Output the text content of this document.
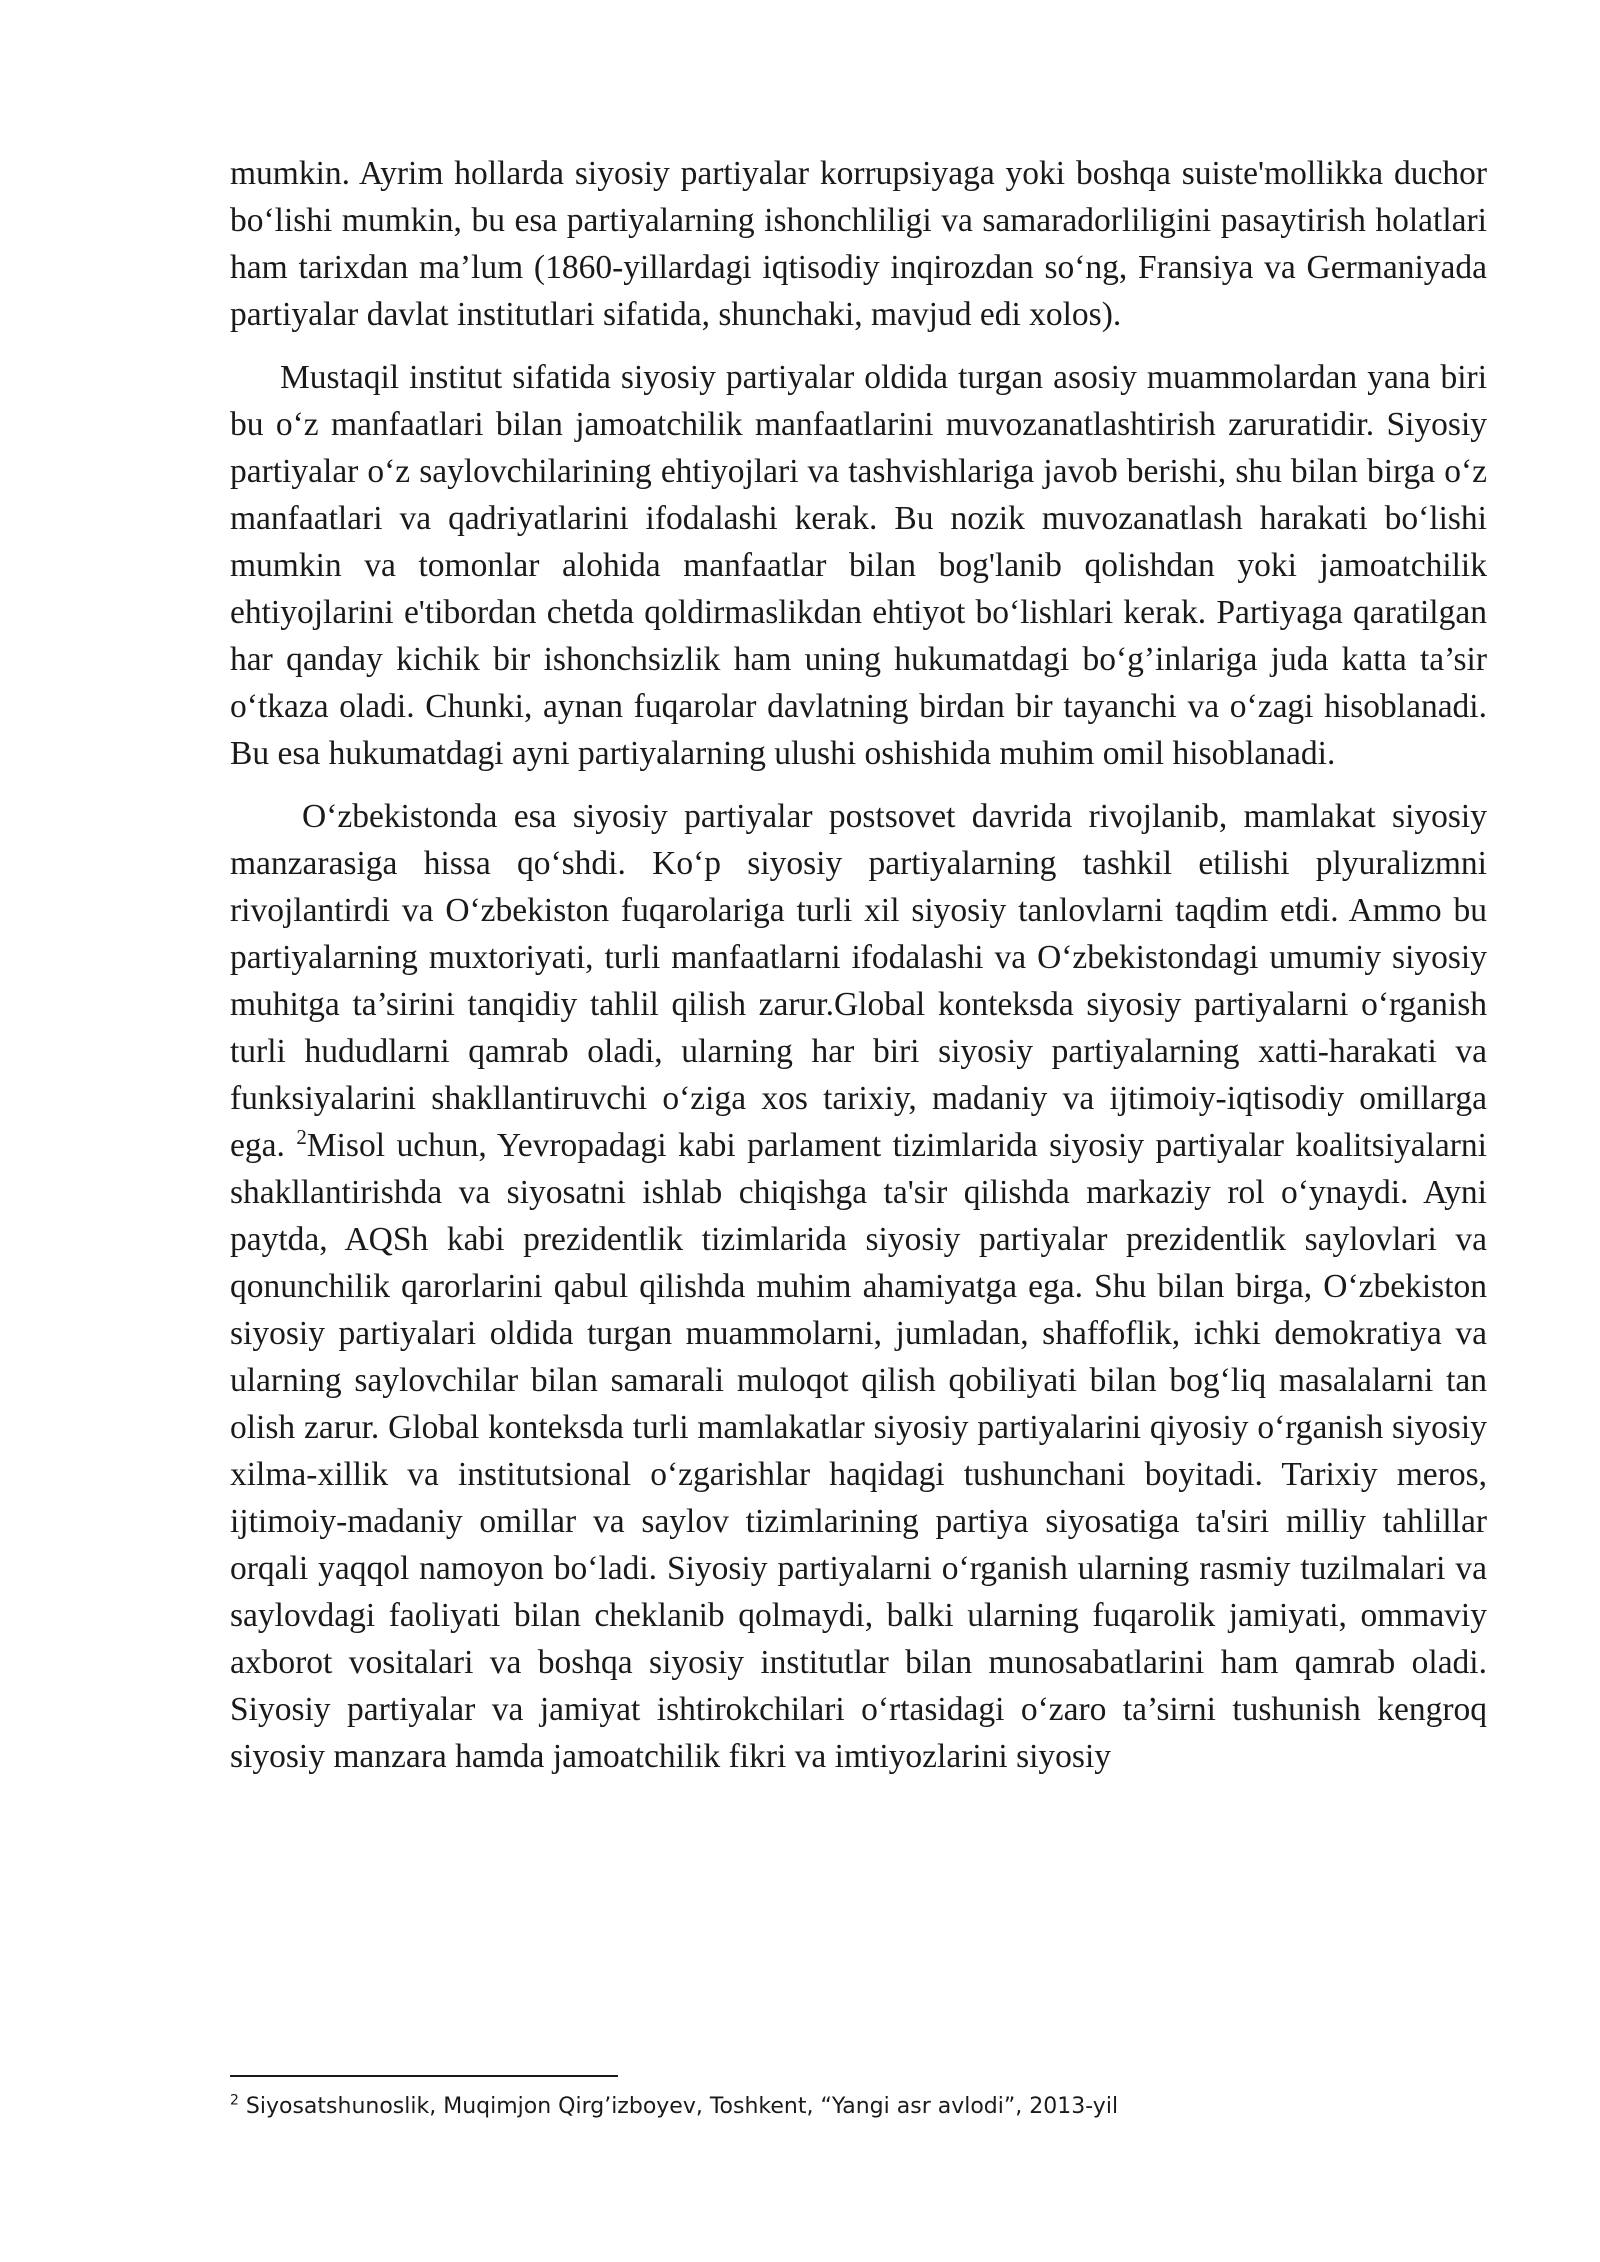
mumkin. Ayrim hollarda siyosiy partiyalar korrupsiyaga yoki boshqa suiste'mollikka duchor bo‘lishi mumkin, bu esa partiyalarning ishonchliligi va samaradorliligini pasaytirish holatlari ham tarixdan ma’lum (1860-yillardagi iqtisodiy inqirozdan so‘ng, Fransiya va Germaniyada partiyalar davlat institutlari sifatida, shunchaki, mavjud edi xolos).

Mustaqil institut sifatida siyosiy partiyalar oldida turgan asosiy muammolardan yana biri bu o‘z manfaatlari bilan jamoatchilik manfaatlarini muvozanatlashtirish zaruratidir. Siyosiy partiyalar o‘z saylovchilarining ehtiyojlari va tashvishlariga javob berishi, shu bilan birga o‘z manfaatlari va qadriyatlarini ifodalashi kerak. Bu nozik muvozanatlash harakati bo‘lishi mumkin va tomonlar alohida manfaatlar bilan bog'lanib qolishdan yoki jamoatchilik ehtiyojlarini e'tibordan chetda qoldirmaslikdan ehtiyot bo‘lishlari kerak. Partiyaga qaratilgan har qanday kichik bir ishonchsizlik ham uning hukumatdagi bo‘g’inlariga juda katta ta’sir o‘tkaza oladi. Chunki, aynan fuqarolar davlatning birdan bir tayanchi va o‘zagi hisoblanadi. Bu esa hukumatdagi ayni partiyalarning ulushi oshishida muhim omil hisoblanadi.

O‘zbekistonda esa siyosiy partiyalar postsovet davrida rivojlanib, mamlakat siyosiy manzarasiga hissa qo‘shdi. Ko‘p siyosiy partiyalarning tashkil etilishi plyuralizmni rivojlantirdi va O‘zbekiston fuqarolariga turli xil siyosiy tanlovlarni taqdim etdi. Ammo bu partiyalarning muxtoriyati, turli manfaatlarni ifodalashi va O‘zbekistondagi umumiy siyosiy muhitga ta’sirini tanqidiy tahlil qilish zarur.Global konteksda siyosiy partiyalarni o‘rganish turli hududlarni qamrab oladi, ularning har biri siyosiy partiyalarning xatti-harakati va funksiyalarini shakllantiruvchi o‘ziga xos tarixiy, madaniy va ijtimoiy-iqtisodiy omillarga ega. $^2$Misol uchun, Yevropadagi kabi parlament tizimlarida siyosiy partiyalar koalitsiyalarni shakllantirishda va siyosatni ishlab chiqishga ta'sir qilishda markaziy rol o‘ynaydi. Ayni paytda, AQSh kabi prezidentlik tizimlarida siyosiy partiyalar prezidentlik saylovlari va qonunchilik qarorlarini qabul qilishda muhim ahamiyatga ega. Shu bilan birga, O‘zbekiston siyosiy partiyalari oldida turgan muammolarni, jumladan, shaffoflik, ichki demokratiya va ularning saylovchilar bilan samarali muloqot qilish qobiliyati bilan bog‘liq masalalarni tan olish zarur. Global konteksda turli mamlakatlar siyosiy partiyalarini qiyosiy o‘rganish siyosiy xilma-xillik va institutsional o‘zgarishlar haqidagi tushunchani boyitadi. Tarixiy meros, ijtimoiy-madaniy omillar va saylov tizimlarining partiya siyosatiga ta'siri milliy tahlillar orqali yaqqol namoyon bo‘ladi. Siyosiy partiyalarni o‘rganish ularning rasmiy tuzilmalari va saylovdagi faoliyati bilan cheklanib qolmaydi, balki ularning fuqarolik jamiyati, ommaviy axborot vositalari va boshqa siyosiy institutlar bilan munosabatlarini ham qamrab oladi. Siyosiy partiyalar va jamiyat ishtirokchilari o‘rtasidagi o‘zaro ta’sirni tushunish kengroq siyosiy manzara hamda jamoatchilik fikri va imtiyozlarini siyosiy

$^2$ Siyosatshunoslik, Muqimjon Qirg’izboyev, Toshkent, “Yangi asr avlodi”, 2013-yil
